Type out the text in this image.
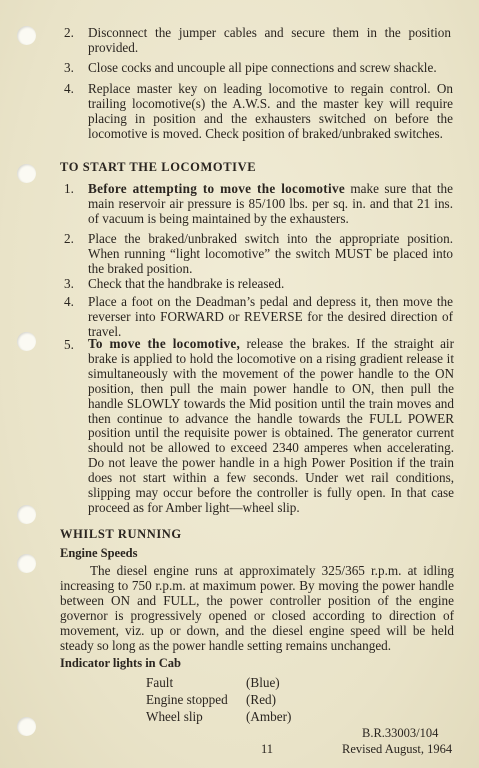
2. Disconnect the jumper cables and secure them in the position provided.
3. Close cocks and uncouple all pipe connections and screw shackle.
4. Replace master key on leading locomotive to regain control. On trailing locomotive(s) the A.W.S. and the master key will require placing in position and the exhausters switched on before the locomotive is moved. Check position of braked/unbraked switches.
TO START THE LOCOMOTIVE
1. Before attempting to move the locomotive make sure that the main reservoir air pressure is 85/100 lbs. per sq. in. and that 21 ins. of vacuum is being maintained by the exhausters.
2. Place the braked/unbraked switch into the appropriate position. When running “light locomotive” the switch MUST be placed into the braked position.
3. Check that the handbrake is released.
4. Place a foot on the Deadman’s pedal and depress it, then move the reverser into FORWARD or REVERSE for the desired direction of travel.
5. To move the locomotive, release the brakes. If the straight air brake is applied to hold the locomotive on a rising gradient release it simultaneously with the movement of the power handle to the ON position, then pull the main power handle to ON, then pull the handle SLOWLY towards the Mid position until the train moves and then continue to advance the handle towards the FULL POWER position until the requisite power is obtained. The generator current should not be allowed to exceed 2340 amperes when accelerating. Do not leave the power handle in a high Power Position if the train does not start within a few seconds. Under wet rail conditions, slipping may occur before the controller is fully open. In that case proceed as for Amber light—wheel slip.
WHILST RUNNING
Engine Speeds
The diesel engine runs at approximately 325/365 r.p.m. at idling increasing to 750 r.p.m. at maximum power. By moving the power handle between ON and FULL, the power controller position of the engine governor is progressively opened or closed according to direction of movement, viz. up or down, and the diesel engine speed will be held steady so long as the power handle setting remains unchanged.
Indicator lights in Cab
Fault	(Blue)
Engine stopped (Red)
Wheel slip	(Amber)
B.R.33003/104
11	Revised August, 1964
